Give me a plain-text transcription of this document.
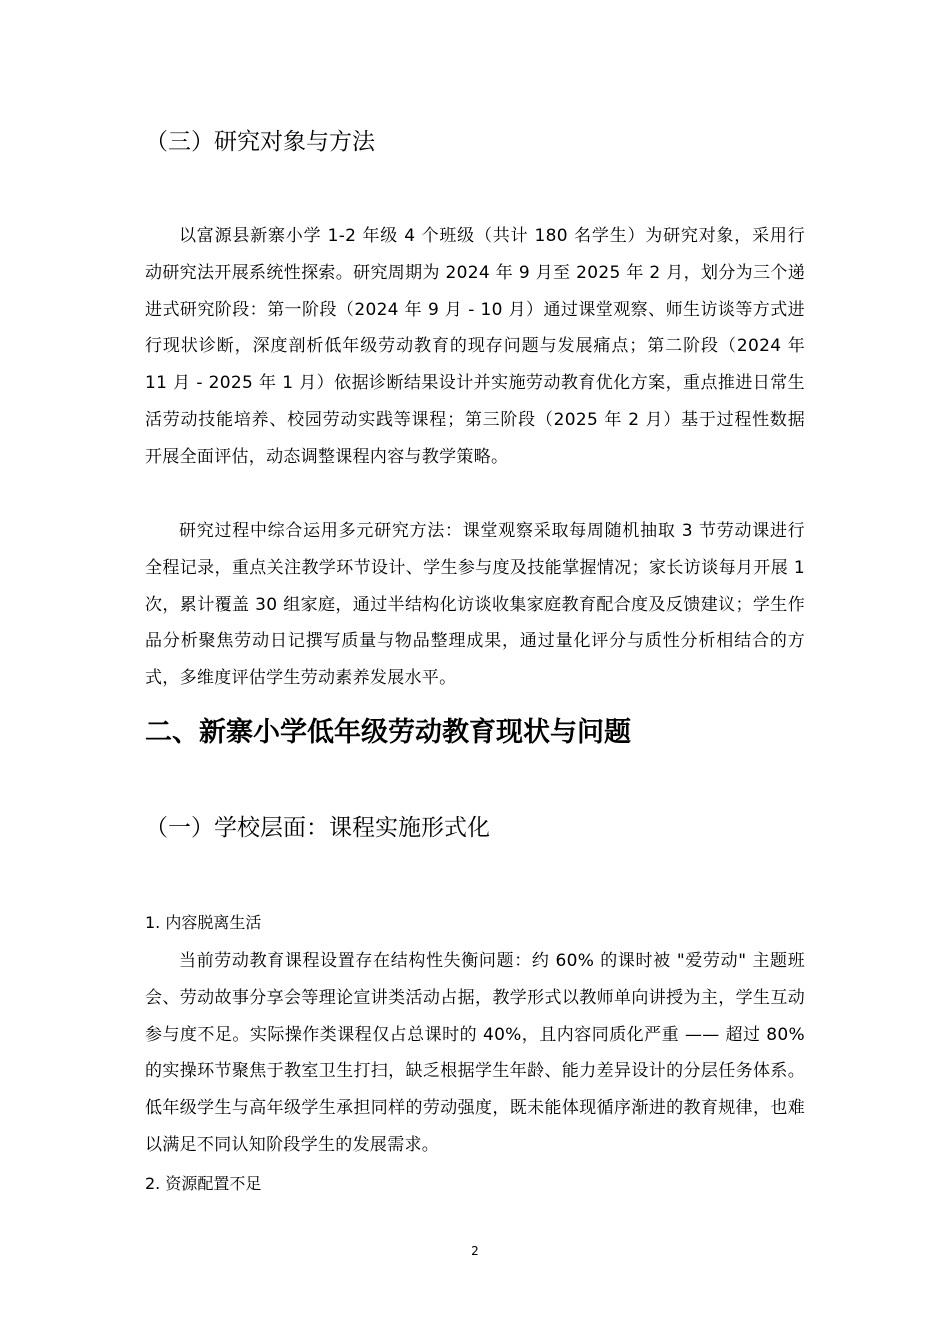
（三）研究对象与方法

以富源县新寨小学 1-2 年级 4 个班级（共计 180 名学生）为研究对象，采用行动研究法开展系统性探索。研究周期为 2024 年 9 月至 2025 年 2 月，划分为三个递进式研究阶段：第一阶段（2024 年 9 月 - 10 月）通过课堂观察、师生访谈等方式进行现状诊断，深度剖析低年级劳动教育的现存问题与发展痛点；第二阶段（2024 年 11 月 - 2025 年 1 月）依据诊断结果设计并实施劳动教育优化方案，重点推进日常生活劳动技能培养、校园劳动实践等课程；第三阶段（2025 年 2 月）基于过程性数据开展全面评估，动态调整课程内容与教学策略。

研究过程中综合运用多元研究方法：课堂观察采取每周随机抽取 3 节劳动课进行全程记录，重点关注教学环节设计、学生参与度及技能掌握情况；家长访谈每月开展 1 次，累计覆盖 30 组家庭，通过半结构化访谈收集家庭教育配合度及反馈建议；学生作品分析聚焦劳动日记撰写质量与物品整理成果，通过量化评分与质性分析相结合的方式，多维度评估学生劳动素养发展水平。

二、新寨小学低年级劳动教育现状与问题
（一）学校层面：课程实施形式化
1. 内容脱离生活

当前劳动教育课程设置存在结构性失衡问题：约 60% 的课时被 "爱劳动" 主题班会、劳动故事分享会等理论宣讲类活动占据，教学形式以教师单向讲授为主，学生互动参与度不足。实际操作类课程仅占总课时的 40%，且内容同质化严重 —— 超过 80% 的实操环节聚焦于教室卫生打扫，缺乏根据学生年龄、能力差异设计的分层任务体系。低年级学生与高年级学生承担同样的劳动强度，既未能体现循序渐进的教育规律，也难以满足不同认知阶段学生的发展需求。

2. 资源配置不足
2
